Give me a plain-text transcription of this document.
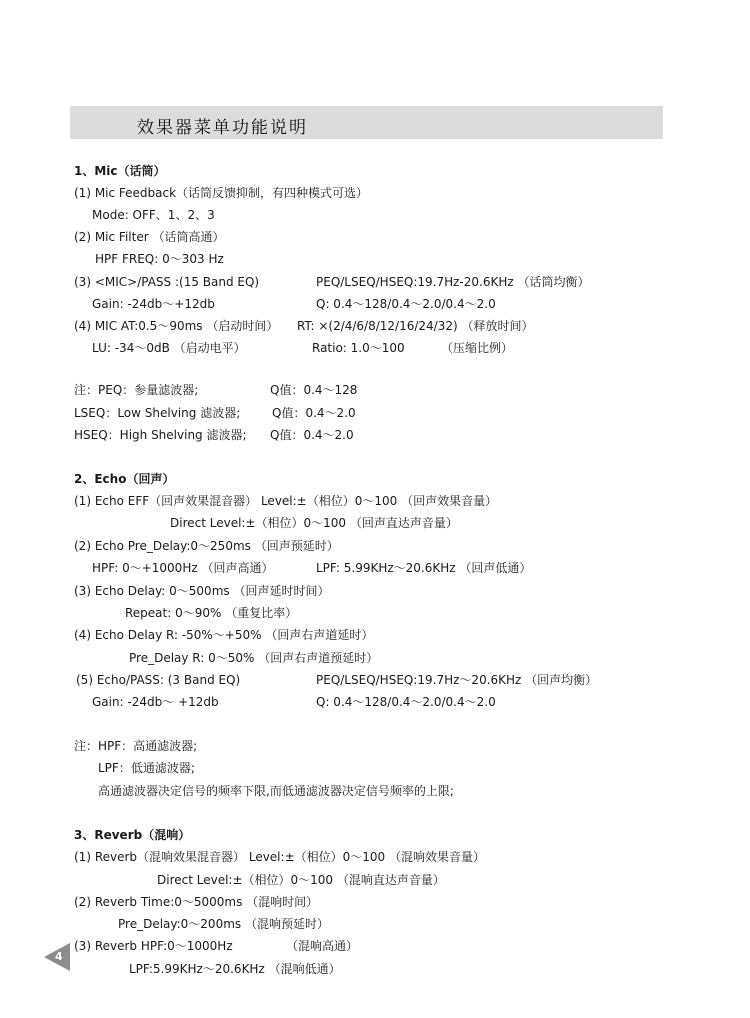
效果器菜单功能说明
1、Mic（话筒）
(1) Mic Feedback（话筒反馈抑制，有四种模式可选）
Mode: OFF、1、2、3
(2) Mic Filter （话筒高通）
HPF FREQ: 0～303 Hz
(3) <MIC>/PASS :(15 Band EQ)	PEQ/LSEQ/HSEQ:19.7Hz-20.6KHz （话筒均衡）
Gain: -24db～+12db	Q: 0.4～128/0.4～2.0/0.4～2.0
(4) MIC AT:0.5～90ms （启动时间） RT: ×(2/4/6/8/12/16/24/32) （释放时间）
LU: -34～0dB （启动电平）	Ratio: 1.0～100	（压缩比例）
注：PEQ：参量滤波器;	Q值：0.4～128
LSEQ：Low Shelving 滤波器;	Q值：0.4～2.0
HSEQ：High Shelving 滤波器; Q值：0.4～2.0
2、Echo（回声）
(1) Echo EFF（回声效果混音器） Level:±（相位）0～100 （回声效果音量）
Direct Level:±（相位）0～100 （回声直达声音量）
(2) Echo Pre_Delay:0～250ms （回声预延时）
HPF: 0～+1000Hz （回声高通）	LPF: 5.99KHz～20.6KHz （回声低通）
(3) Echo Delay: 0～500ms （回声延时时间）
Repeat: 0～90% （重复比率）
(4) Echo Delay R: -50%～+50% （回声右声道延时）
Pre_Delay R: 0～50% （回声右声道预延时）
(5) Echo/PASS: (3 Band EQ)	PEQ/LSEQ/HSEQ:19.7Hz～20.6KHz （回声均衡）
Gain: -24db～ +12db	Q: 0.4～128/0.4～2.0/0.4～2.0
注：HPF：高通滤波器;
LPF：低通滤波器;
高通滤波器决定信号的频率下限,而低通滤波器决定信号频率的上限;
3、Reverb（混响）
(1) Reverb（混响效果混音器） Level:±（相位）0～100 （混响效果音量）
Direct Level:±（相位）0～100 （混响直达声音量）
(2) Reverb Time:0～5000ms （混响时间）
Pre_Delay:0～200ms （混响预延时）
(3) Reverb HPF:0～1000Hz	（混响高通）
LPF:5.99KHz～20.6KHz （混响低通）
4
